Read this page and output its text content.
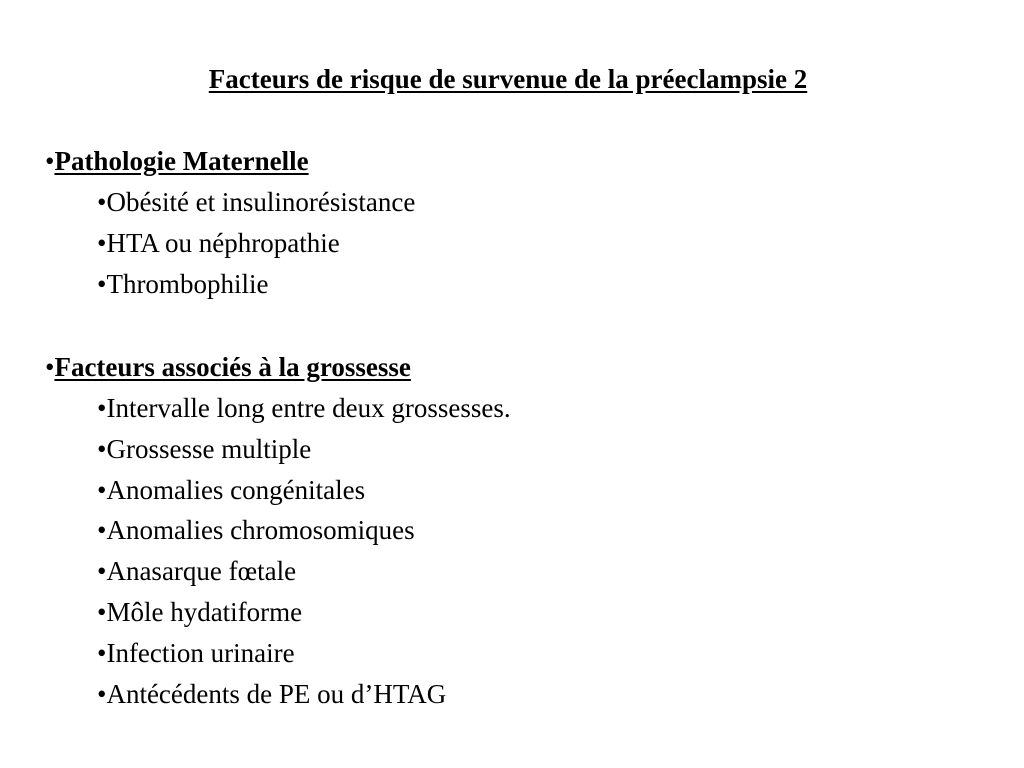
Facteurs de risque de survenue de la préeclampsie 2
•Pathologie Maternelle
•Obésité et insulinorésistance
•HTA ou néphropathie
•Thrombophilie
•Facteurs associés à la grossesse
•Intervalle long entre deux grossesses.
•Grossesse multiple
•Anomalies congénitales
•Anomalies chromosomiques
•Anasarque fœtale
•Môle hydatiforme
•Infection urinaire
•Antécédents de PE ou d’HTAG
